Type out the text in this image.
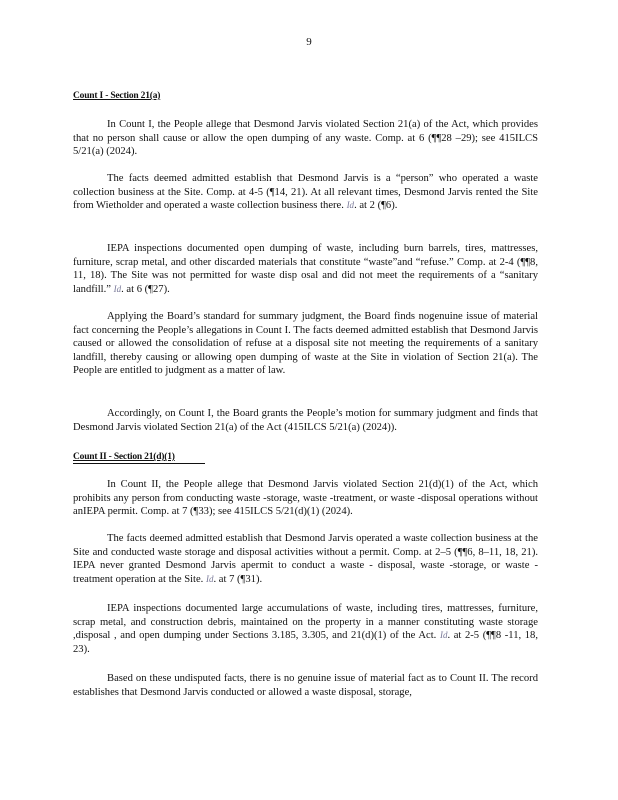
9
Count I - Section 21(a)

In Count I, the People allege that Desmond Jarvis violated Section 21(a) of the Act, which provides that no person shall cause or allow the open dumping of any waste. Comp. at 6 (¶¶28 –29); see 415ILCS 5/21(a) (2024).

The facts deemed admitted establish that Desmond Jarvis is a “person” who operated a waste collection business at the Site. Comp. at 4-5 (¶14, 21). At all relevant times, Desmond Jarvis rented the Site from Wietholder and operated a waste collection business there. Id. at 2 (¶6).

IEPA inspections documented open dumping of waste, including burn barrels, tires, mattresses, furniture, scrap metal, and other discarded materials that constitute “waste”and “refuse.” Comp. at 2-4 (¶¶8, 11, 18). The Site was not permitted for waste disp osal and did not meet the requirements of a “sanitary landfill.” Id. at 6 (¶27).

Applying the Board’s standard for summary judgment, the Board finds nogenuine issue of material fact concerning the People’s allegations in Count I. The facts deemed admitted establish that Desmond Jarvis caused or allowed the consolidation of refuse at a disposal site not meeting the requirements of a sanitary landfill, thereby causing or allowing open dumping of waste at the Site in violation of Section 21(a). The People are entitled to judgment as a matter of law.

Accordingly, on Count I, the Board grants the People’s motion for summary judgment and finds that Desmond Jarvis violated Section 21(a) of the Act (415ILCS 5/21(a) (2024)).

Count II - Section 21(d)(1)

In Count II, the People allege that Desmond Jarvis violated Section 21(d)(1) of the Act, which prohibits any person from conducting waste -storage, waste -treatment, or waste -disposal operations without anIEPA permit. Comp. at 7 (¶33); see 415ILCS 5/21(d)(1) (2024).

The facts deemed admitted establish that Desmond Jarvis operated a waste collection business at the Site and conducted waste storage and disposal activities without a permit. Comp. at 2–5 (¶¶6, 8–11, 18, 21). IEPA never granted Desmond Jarvis apermit to conduct a waste - disposal, waste -storage, or waste -treatment operation at the Site. Id. at 7 (¶31).

IEPA inspections documented large accumulations of waste, including tires, mattresses, furniture, scrap metal, and construction debris, maintained on the property in a manner constituting waste storage ,disposal , and open dumping under Sections 3.185, 3.305, and 21(d)(1) of the Act. Id. at 2-5 (¶¶8 -11, 18, 23).

Based on these undisputed facts, there is no genuine issue of material fact as to Count II. The record establishes that Desmond Jarvis conducted or allowed a waste disposal, storage,
